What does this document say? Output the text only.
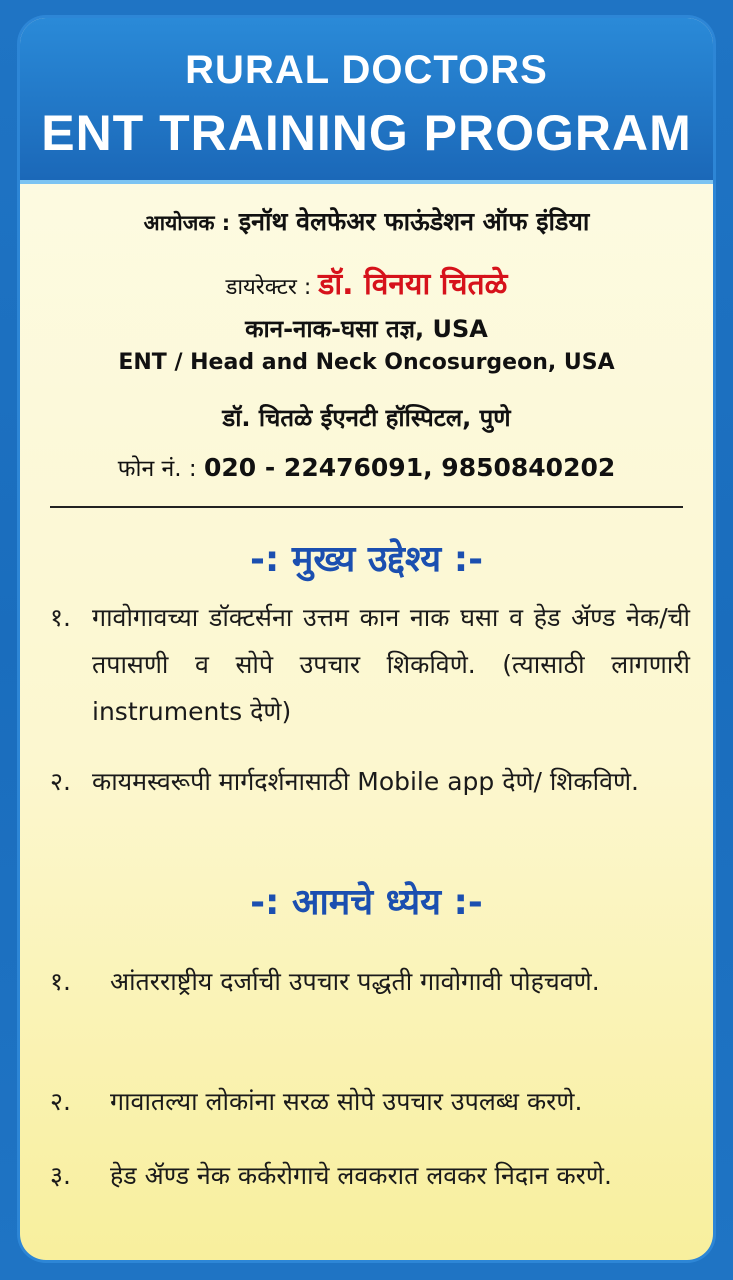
RURAL DOCTORS
ENT TRAINING PROGRAM
आयोजक : इनॉथ वेलफेअर फाऊंडेशन ऑफ इंडिया
डायरेक्टर : डॉ. विनया चितळे
कान-नाक-घसा तज्ञ, USA
ENT / Head and Neck Oncosurgeon, USA
डॉ. चितळे ईएनटी हॉस्पिटल, पुणे
फोन नं. : 020 - 22476091, 9850840202
-: मुख्य उद्देश्य :-
१. गावोगावच्या डॉक्टर्सना उत्तम कान नाक घसा व हेड ॲण्ड नेक/ची तपासणी व सोपे उपचार शिकविणे. (त्यासाठी लागणारी instruments देणे)
२. कायमस्वरूपी मार्गदर्शनासाठी Mobile app देणे/ शिकविणे.
-: आमचे ध्येय :-
१. आंतरराष्ट्रीय दर्जाची उपचार पद्धती गावोगावी पोहचवणे.
२. गावातल्या लोकांना सरळ सोपे उपचार उपलब्ध करणे.
३. हेड ॲण्ड नेक कर्करोगाचे लवकरात लवकर निदान करणे.
